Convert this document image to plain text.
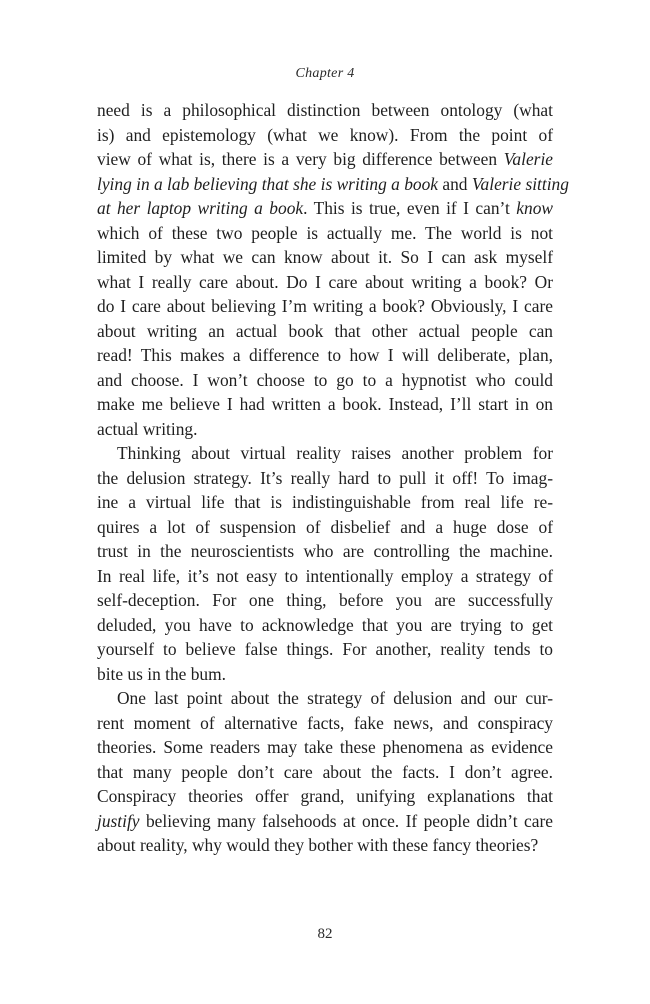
Chapter 4
need is a philosophical distinction between ontology (what
is) and epistemology (what we know). From the point of
view of what is, there is a very big difference between Valerie
lying in a lab believing that she is writing a book and Valerie sitting
at her laptop writing a book. This is true, even if I can’t know
which of these two people is actually me. The world is not
limited by what we can know about it. So I can ask myself
what I really care about. Do I care about writing a book? Or
do I care about believing I’m writing a book? Obviously, I care
about writing an actual book that other actual people can
read! This makes a difference to how I will deliberate, plan,
and choose. I won’t choose to go to a hypnotist who could
make me believe I had written a book. Instead, I’ll start in on
actual writing.
Thinking about virtual reality raises another problem for
the delusion strategy. It’s really hard to pull it off! To imag-
ine a virtual life that is indistinguishable from real life re-
quires a lot of suspension of disbelief and a huge dose of
trust in the neuroscientists who are controlling the machine.
In real life, it’s not easy to intentionally employ a strategy of
self-deception. For one thing, before you are successfully
deluded, you have to acknowledge that you are trying to get
yourself to believe false things. For another, reality tends to
bite us in the bum.
One last point about the strategy of delusion and our cur-
rent moment of alternative facts, fake news, and conspiracy
theories. Some readers may take these phenomena as evidence
that many people don’t care about the facts. I don’t agree.
Conspiracy theories offer grand, unifying explanations that
justify believing many falsehoods at once. If people didn’t care
about reality, why would they bother with these fancy theories?
82
